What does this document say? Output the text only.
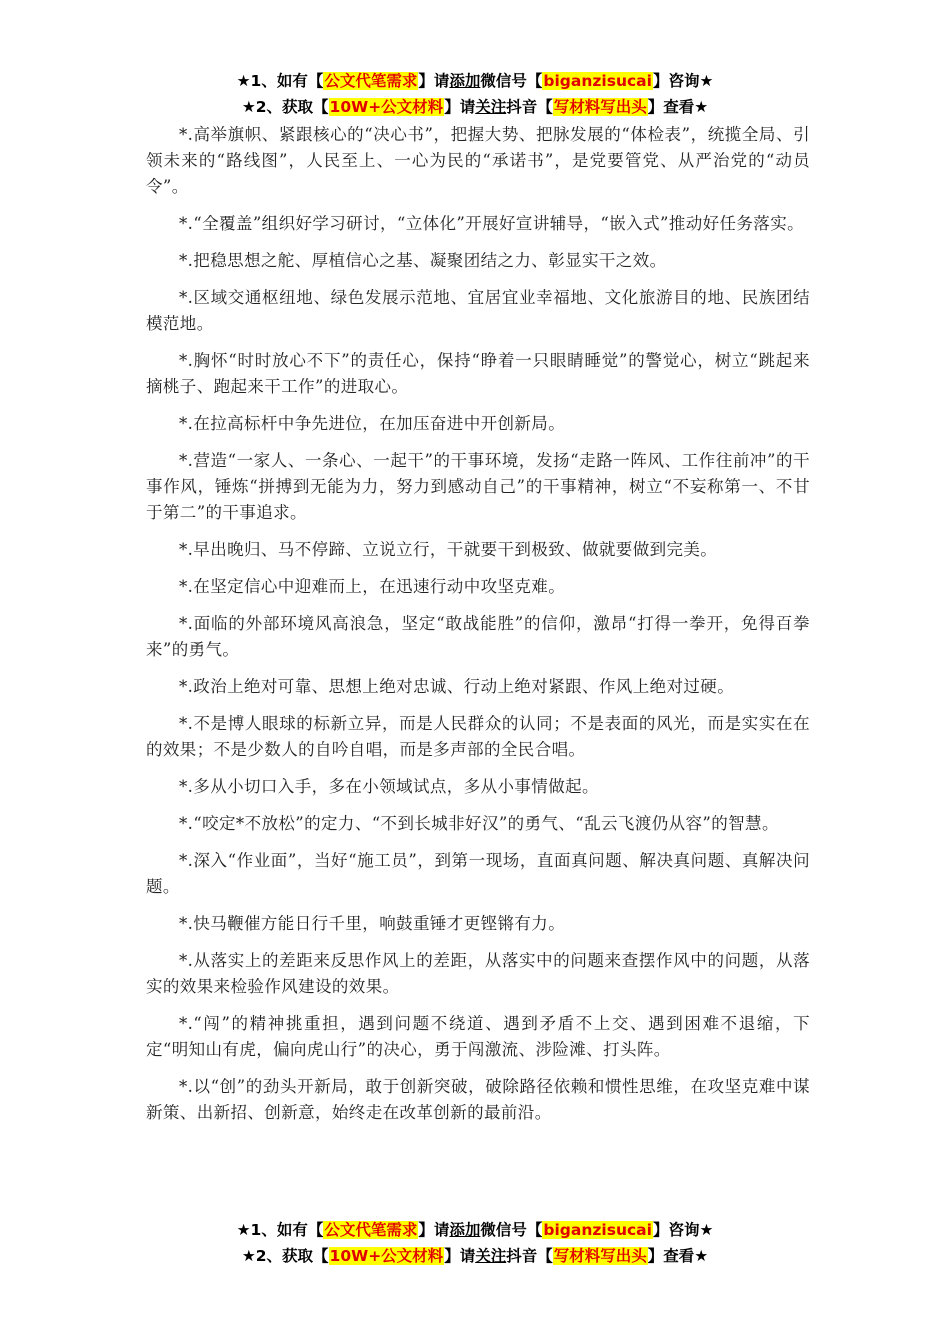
★1、如有【公文代笔需求】请添加微信号【biganzisucai】咨询★
★2、获取【10W+公文材料】请关注抖音【写材料写出头】查看★

*.高举旗帜、紧跟核心的“决心书”，把握大势、把脉发展的“体检表”，统揽全局、引领未来的“路线图”，人民至上、一心为民的“承诺书”，是党要管党、从严治党的“动员令”。

*.“全覆盖”组织好学习研讨，“立体化”开展好宣讲辅导，“嵌入式”推动好任务落实。

*.把稳思想之舵、厚植信心之基、凝聚团结之力、彰显实干之效。

*.区域交通枢纽地、绿色发展示范地、宜居宜业幸福地、文化旅游目的地、民族团结模范地。

*.胸怀“时时放心不下”的责任心，保持“睁着一只眼睛睡觉”的警觉心，树立“跳起来摘桃子、跑起来干工作”的进取心。

*.在拉高标杆中争先进位，在加压奋进中开创新局。

*.营造“一家人、一条心、一起干”的干事环境，发扬“走路一阵风、工作往前冲”的干事作风，锤炼“拼搏到无能为力，努力到感动自己”的干事精神，树立“不妄称第一、不甘于第二”的干事追求。

*.早出晚归、马不停蹄、立说立行，干就要干到极致、做就要做到完美。

*.在坚定信心中迎难而上，在迅速行动中攻坚克难。

*.面临的外部环境风高浪急，坚定“敢战能胜”的信仰，激昂“打得一拳开，免得百拳来”的勇气。

*.政治上绝对可靠、思想上绝对忠诚、行动上绝对紧跟、作风上绝对过硬。

*.不是博人眼球的标新立异，而是人民群众的认同；不是表面的风光，而是实实在在的效果；不是少数人的自吟自唱，而是多声部的全民合唱。

*.多从小切口入手，多在小领域试点，多从小事情做起。

*.“咬定*不放松”的定力、“不到长城非好汉”的勇气、“乱云飞渡仍从容”的智慧。

*.深入“作业面”，当好“施工员”，到第一现场，直面真问题、解决真问题、真解决问题。

*.快马鞭催方能日行千里，响鼓重锤才更铿锵有力。

*.从落实上的差距来反思作风上的差距，从落实中的问题来查摆作风中的问题，从落实的效果来检验作风建设的效果。

*.“闯”的精神挑重担，遇到问题不绕道、遇到矛盾不上交、遇到困难不退缩，下定“明知山有虎，偏向虎山行”的决心，勇于闯激流、涉险滩、打头阵。

*.以“创”的劲头开新局，敢于创新突破，破除路径依赖和惯性思维，在攻坚克难中谋新策、出新招、创新意，始终走在改革创新的最前沿。

★1、如有【公文代笔需求】请添加微信号【biganzisucai】咨询★
★2、获取【10W+公文材料】请关注抖音【写材料写出头】查看★
